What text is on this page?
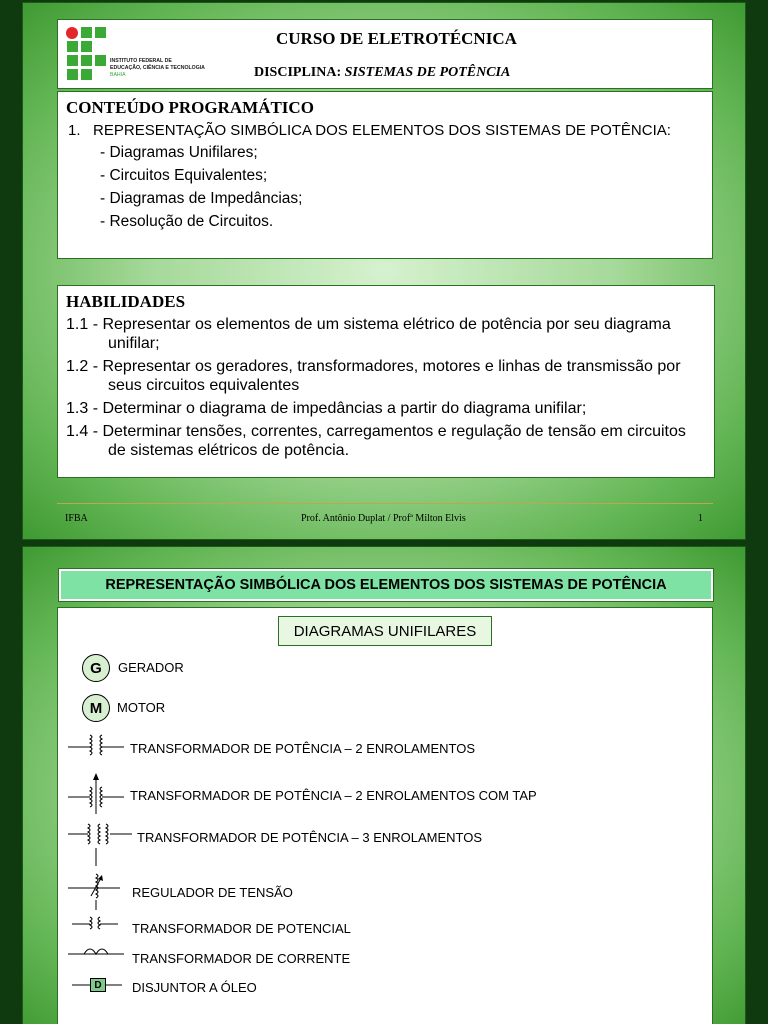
INSTITUTO FEDERAL DE
EDUCAÇÃO, CIÊNCIA E TECNOLOGIA
BAHIA
CURSO DE ELETROTÉCNICA
DISCIPLINA: SISTEMAS DE POTÊNCIA
CONTEÚDO PROGRAMÁTICO
1. REPRESENTAÇÃO SIMBÓLICA DOS ELEMENTOS DOS SISTEMAS DE POTÊNCIA:
- Diagramas Unifilares;
- Circuitos Equivalentes;
- Diagramas de Impedâncias;
- Resolução de Circuitos.
HABILIDADES
1.1 - Representar os elementos de um sistema elétrico de potência por seu diagrama unifilar;
1.2 - Representar os geradores, transformadores, motores e linhas de transmissão por seus circuitos equivalentes
1.3 - Determinar o diagrama de impedâncias a partir do diagrama unifilar;
1.4 - Determinar tensões, correntes, carregamentos e regulação de tensão em circuitos de sistemas elétricos de potência.
IFBA	Prof. Antônio Duplat / Profª Milton Elvis	1
REPRESENTAÇÃO SIMBÓLICA DOS ELEMENTOS DOS SISTEMAS DE POTÊNCIA
DIAGRAMAS UNIFILARES
G	GERADOR
M	MOTOR
TRANSFORMADOR DE POTÊNCIA – 2 ENROLAMENTOS
TRANSFORMADOR DE POTÊNCIA – 2 ENROLAMENTOS COM TAP
TRANSFORMADOR DE POTÊNCIA – 3 ENROLAMENTOS
REGULADOR DE TENSÃO
TRANSFORMADOR DE POTENCIAL
TRANSFORMADOR DE CORRENTE
D	DISJUNTOR A ÓLEO
